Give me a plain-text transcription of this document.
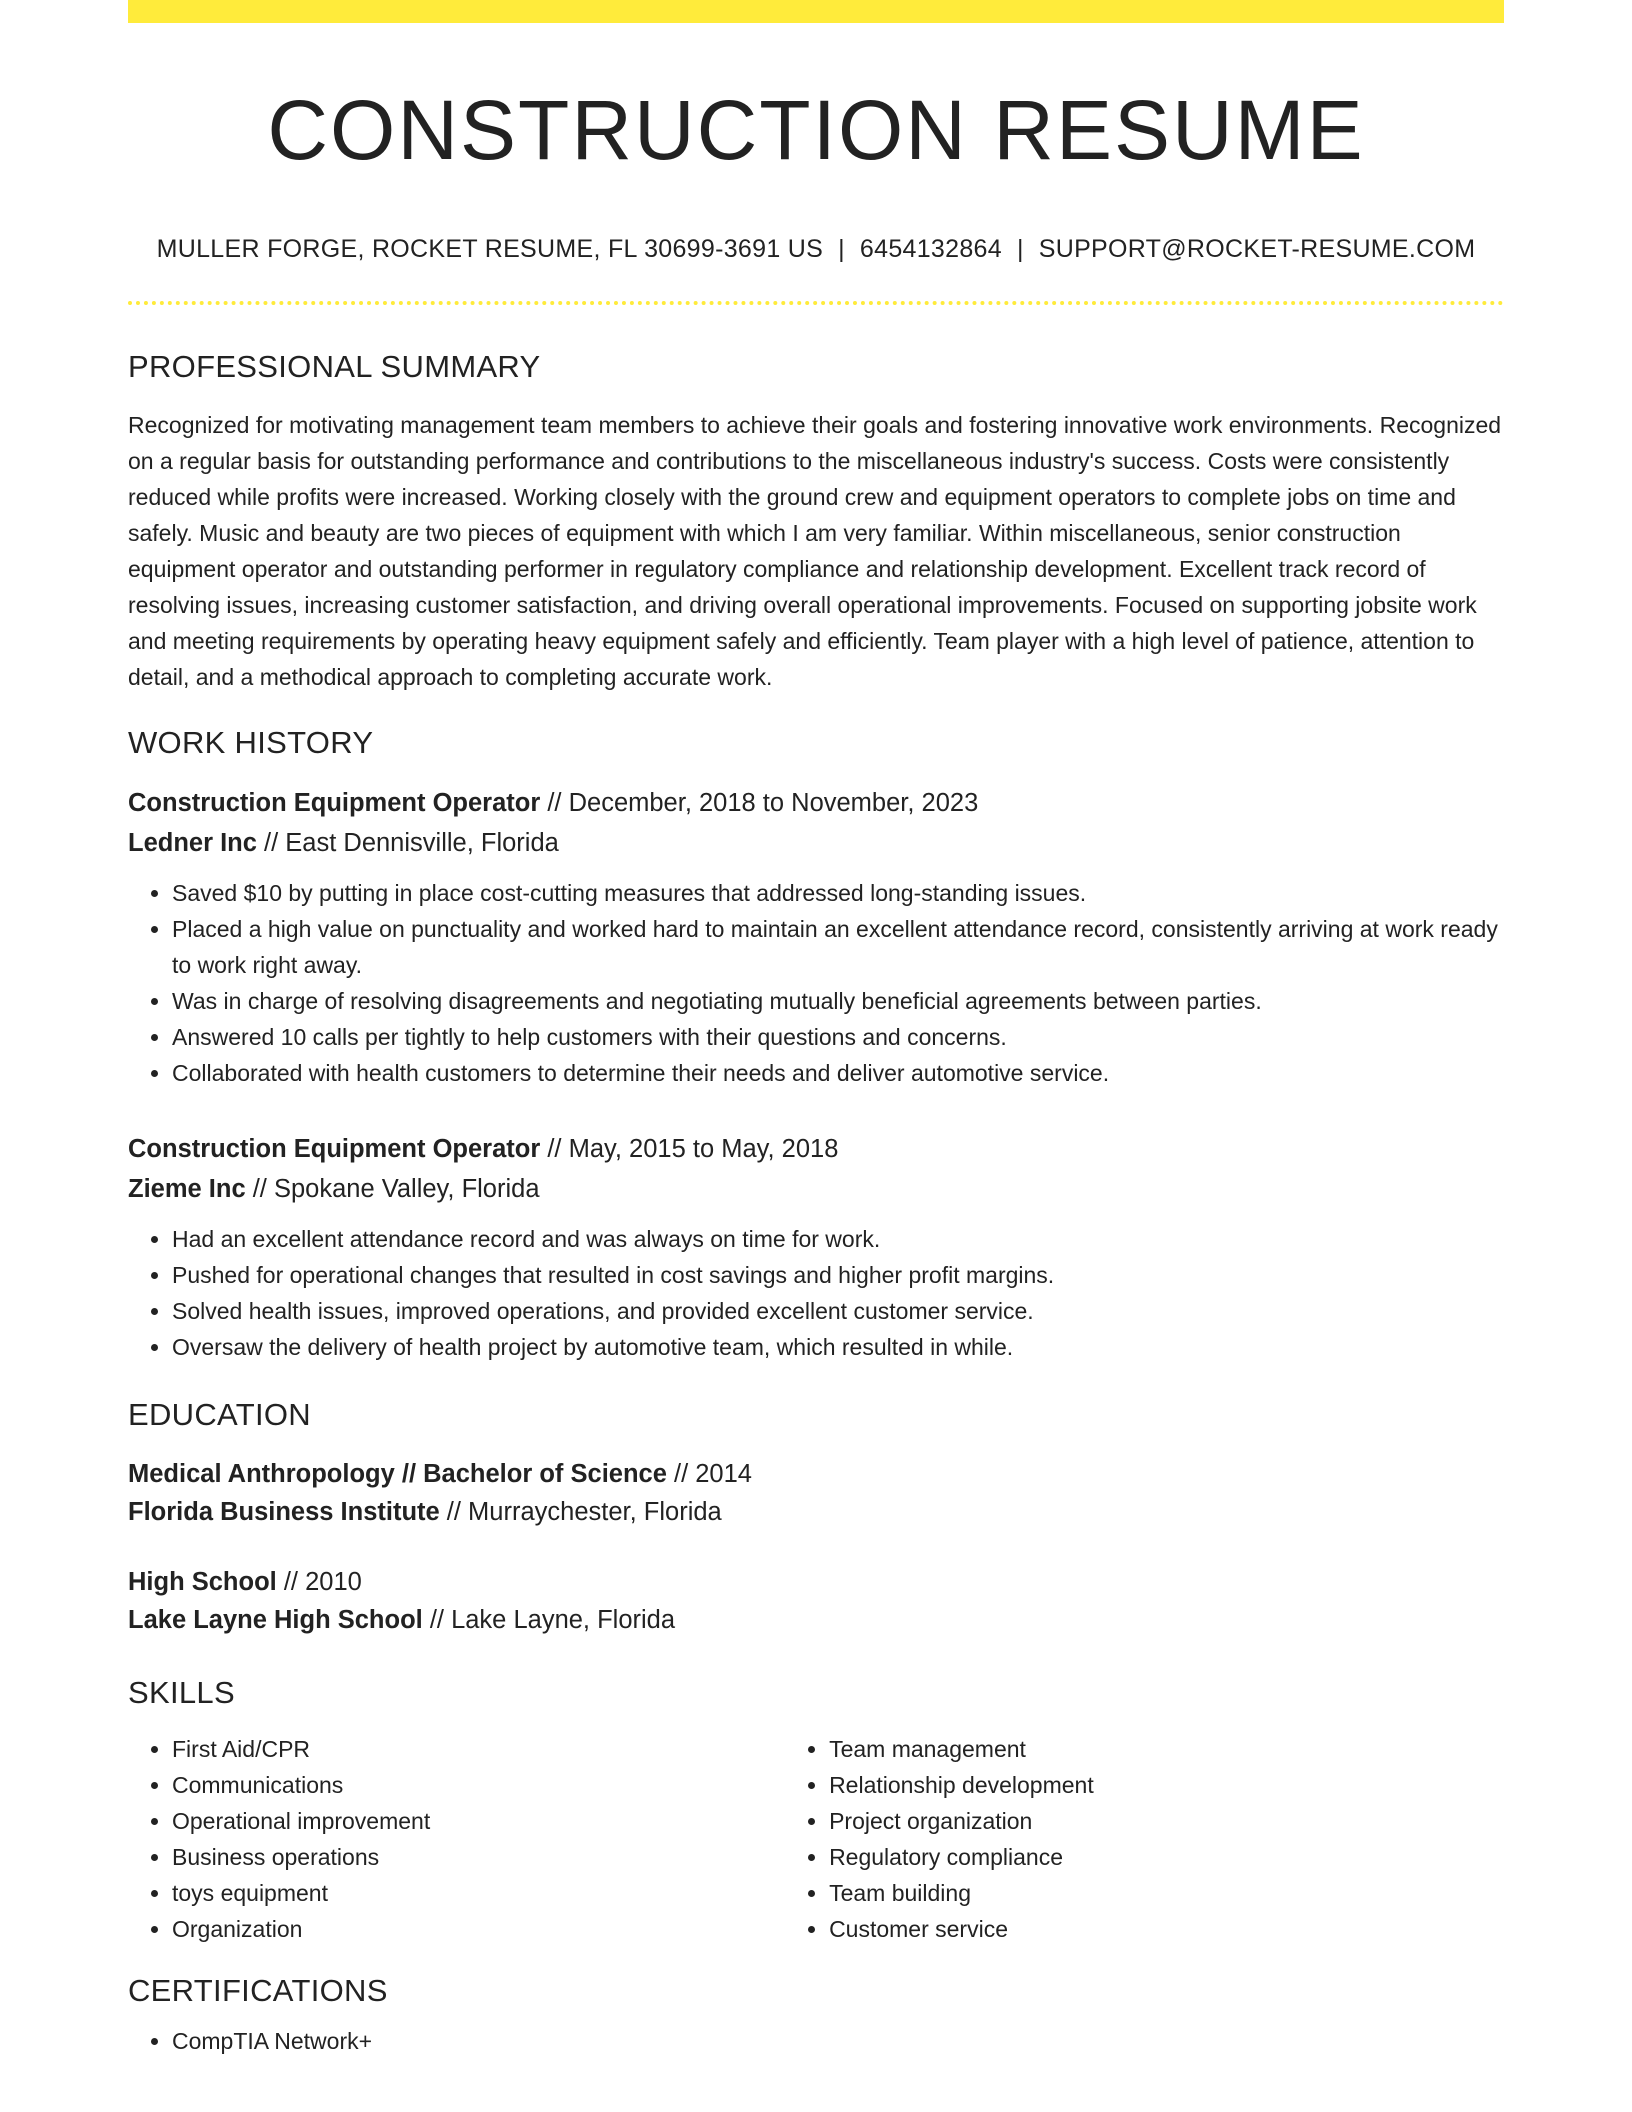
CONSTRUCTION RESUME
MULLER FORGE, ROCKET RESUME, FL 30699-3691 US | 6454132864 | SUPPORT@ROCKET-RESUME.COM
PROFESSIONAL SUMMARY

Recognized for motivating management team members to achieve their goals and fostering innovative work environments. Recognized on a regular basis for outstanding performance and contributions to the miscellaneous industry's success. Costs were consistently reduced while profits were increased. Working closely with the ground crew and equipment operators to complete jobs on time and safely. Music and beauty are two pieces of equipment with which I am very familiar. Within miscellaneous, senior construction equipment operator and outstanding performer in regulatory compliance and relationship development. Excellent track record of resolving issues, increasing customer satisfaction, and driving overall operational improvements. Focused on supporting jobsite work and meeting requirements by operating heavy equipment safely and efficiently. Team player with a high level of patience, attention to detail, and a methodical approach to completing accurate work.

WORK HISTORY
Construction Equipment Operator // December, 2018 to November, 2023
Ledner Inc // East Dennisville, Florida
• Saved $10 by putting in place cost-cutting measures that addressed long-standing issues.
• Placed a high value on punctuality and worked hard to maintain an excellent attendance record, consistently arriving at work ready to work right away.
• Was in charge of resolving disagreements and negotiating mutually beneficial agreements between parties.
• Answered 10 calls per tightly to help customers with their questions and concerns.
• Collaborated with health customers to determine their needs and deliver automotive service.
Construction Equipment Operator // May, 2015 to May, 2018
Zieme Inc // Spokane Valley, Florida
• Had an excellent attendance record and was always on time for work.
• Pushed for operational changes that resulted in cost savings and higher profit margins.
• Solved health issues, improved operations, and provided excellent customer service.
• Oversaw the delivery of health project by automotive team, which resulted in while.
EDUCATION
Medical Anthropology // Bachelor of Science // 2014
Florida Business Institute // Murraychester, Florida
High School // 2010
Lake Layne High School // Lake Layne, Florida
SKILLS
• First Aid/CPR
• Communications
• Operational improvement
• Business operations
• toys equipment
• Organization
• Team management
• Relationship development
• Project organization
• Regulatory compliance
• Team building
• Customer service
CERTIFICATIONS
• CompTIA Network+
